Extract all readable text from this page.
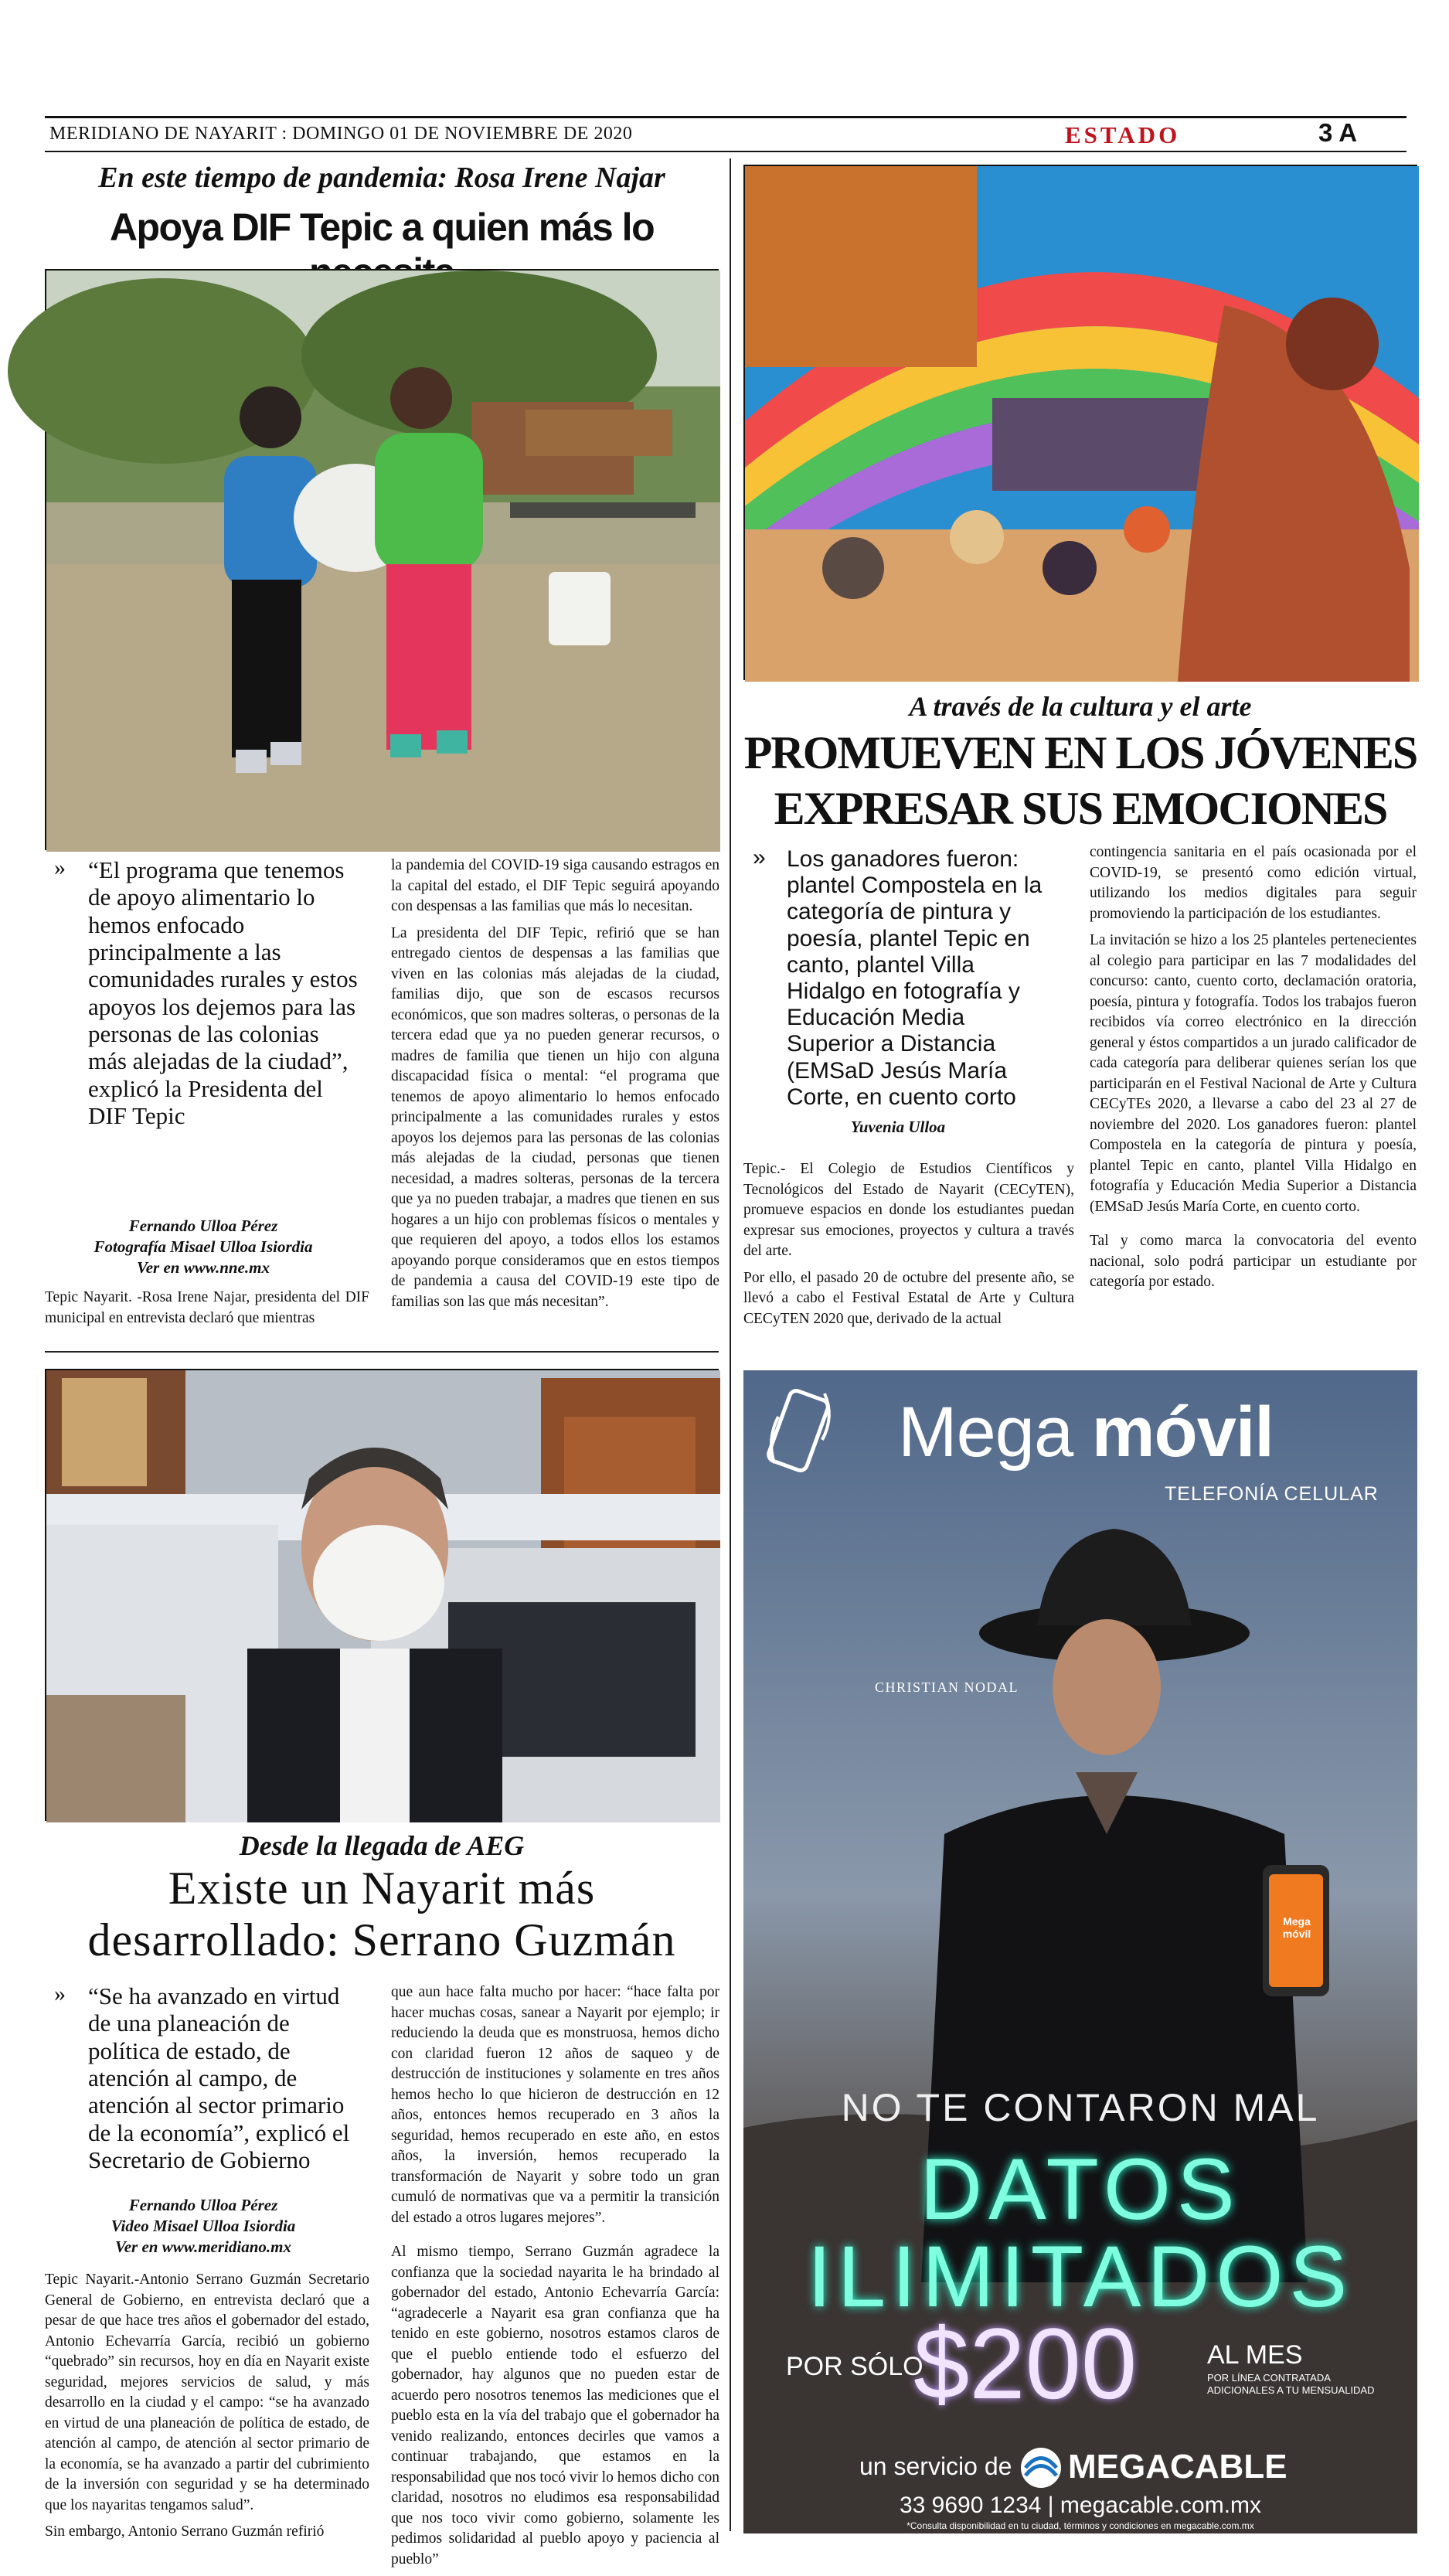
MERIDIANO DE NAYARIT : DOMINGO 01 DE NOVIEMBRE DE 2020	ESTADO	3 A
En este tiempo de pandemia: Rosa Irene Najar
Apoya DIF Tepic a quien más lo
» “El programa que tenemos de apoyo alimentario lo hemos enfocado principalmente a las comunidades rurales y estos apoyos los dejemos para las personas de las colonias más alejadas de la ciudad”, explicó la Presidenta del DIF Tepic
Fernando Ulloa Pérez
Fotografía Misael Ulloa Isiordia
Ver en www.nne.mx
Tepic Nayarit. -Rosa Irene Najar, presidenta del DIF municipal en entrevista declaró que mientras

la pandemia del COVID-19 siga causando estragos en la capital del estado, el DIF Tepic seguirá apoyando con despensas a las familias que más lo necesitan.

La presidenta del DIF Tepic, refirió que se han entregado cientos de despensas a las familias que viven en las colonias más alejadas de la ciudad, familias dijo, que son de escasos recursos económicos, que son madres solteras, o personas de la tercera edad que ya no pueden generar recursos, o madres de familia que tienen un hijo con alguna discapacidad física o mental: “el programa que tenemos de apoyo alimentario lo hemos enfocado principalmente a las comunidades rurales y estos apoyos los dejemos para las personas de las colonias más alejadas de la ciudad, personas que tienen necesidad, a madres solteras, personas de la tercera que ya no pueden trabajar, a madres que tienen en sus hogares a un hijo con problemas físicos o mentales y que requieren del apoyo, a todos ellos los estamos apoyando porque consideramos que en estos tiempos de pandemia a causa del COVID-19 este tipo de familias son las que más necesitan”.

A través de la cultura y el arte
PROMUEVEN EN LOS JÓVENES
EXPRESAR SUS EMOCIONES
» Los ganadores fueron: plantel Compostela en la categoría de pintura y poesía, plantel Tepic en canto, plantel Villa Hidalgo en fotografía y Educación Media Superior a Distancia (EMSaD Jesús María Corte, en cuento corto
Yuvenia Ulloa

Tepic.- El Colegio de Estudios Científicos y Tecnológicos del Estado de Nayarit (CECyTEN), promueve espacios en donde los estudiantes puedan expresar sus emociones, proyectos y cultura a través del arte.

Por ello, el pasado 20 de octubre del presente año, se llevó a cabo el Festival Estatal de Arte y Cultura CECyTEN 2020 que, derivado de la actual

contingencia sanitaria en el país ocasionada por el COVID-19, se presentó como edición virtual, utilizando los medios digitales para seguir promoviendo la participación de los estudiantes.

La invitación se hizo a los 25 planteles pertenecientes al colegio para participar en las 7 modalidades del concurso: canto, cuento corto, declamación oratoria, poesía, pintura y fotografía. Todos los trabajos fueron recibidos vía correo electrónico en la dirección general y éstos compartidos a un jurado calificador de cada categoría para deliberar quienes serían los que participarán en el Festival Nacional de Arte y Cultura CECyTEs 2020, a llevarse a cabo del 23 al 27 de noviembre del 2020. Los ganadores fueron: plantel Compostela en la categoría de pintura y poesía, plantel Tepic en canto, plantel Villa Hidalgo en fotografía y Educación Media Superior a Distancia (EMSaD Jesús María Corte, en cuento corto.

Tal y como marca la convocatoria del evento nacional, solo podrá participar un estudiante por categoría por estado.

Desde la llegada de AEG
Existe un Nayarit más
desarrollado: Serrano Guzmán
» “Se ha avanzado en virtud de una planeación de política de estado, de atención al campo, de atención al sector primario de la economía”, explicó el Secretario de Gobierno
Fernando Ulloa Pérez
Video Misael Ulloa Isiordia
Ver en www.meridiano.mx

Tepic Nayarit.-Antonio Serrano Guzmán Secretario General de Gobierno, en entrevista declaró que a pesar de que hace tres años el gobernador del estado, Antonio Echevarría García, recibió un gobierno “quebrado” sin recursos, hoy en día en Nayarit existe seguridad, mejores servicios de salud, y más desarrollo en la ciudad y el campo: “se ha avanzado en virtud de una planeación de política de estado, de atención al campo, de atención al sector primario de la economía, se ha avanzado a partir del cubrimiento de la inversión con seguridad y se ha determinado que los nayaritas tengamos salud”.

Sin embargo, Antonio Serrano Guzmán refirió

que aun hace falta mucho por hacer: “hace falta por hacer muchas cosas, sanear a Nayarit por ejemplo; ir reduciendo la deuda que es monstruosa, hemos dicho con claridad fueron 12 años de saqueo y de destrucción de instituciones y solamente en tres años hemos hecho lo que hicieron de destrucción en 12 años, entonces hemos recuperado en 3 años la seguridad, hemos recuperado en este año, en estos años, la inversión, hemos recuperado la transformación de Nayarit y sobre todo un gran cumuló de normativas que va a permitir la transición del estado a otros lugares mejores”.

Al mismo tiempo, Serrano Guzmán agradece la confianza que la sociedad nayarita le ha brindado al gobernador del estado, Antonio Echevarría García: “agradecerle a Nayarit esa gran confianza que ha tenido en este gobierno, nosotros estamos claros de que el pueblo entiende todo el esfuerzo del gobernador, hay algunos que no pueden estar de acuerdo pero nosotros tenemos las mediciones que el pueblo esta en la vía del trabajo que el gobernador ha venido realizando, entonces decirles que vamos a continuar trabajando, que estamos en la responsabilidad que nos tocó vivir lo hemos dicho con claridad, nosotros no eludimos esa responsabilidad que nos toco vivir como gobierno, solamente les pedimos solidaridad al pueblo apoyo y paciencia al pueblo”

Mega móvil
TELEFONÍA CELULAR
CHRISTIAN NODAL
Mega móvil
NO TE CONTARON MAL
DATOS
ILIMITADOS
POR SÓLO
$200	AL MES
POR LÍNEA CONTRATADA
ADICIONALES A TU MENSUALIDAD
un servicio de MEGACABLE
33 9690 1234 | megacable.com.mx
*Consulta disponibilidad en tu ciudad, términos y condiciones en megacable.com.mx
